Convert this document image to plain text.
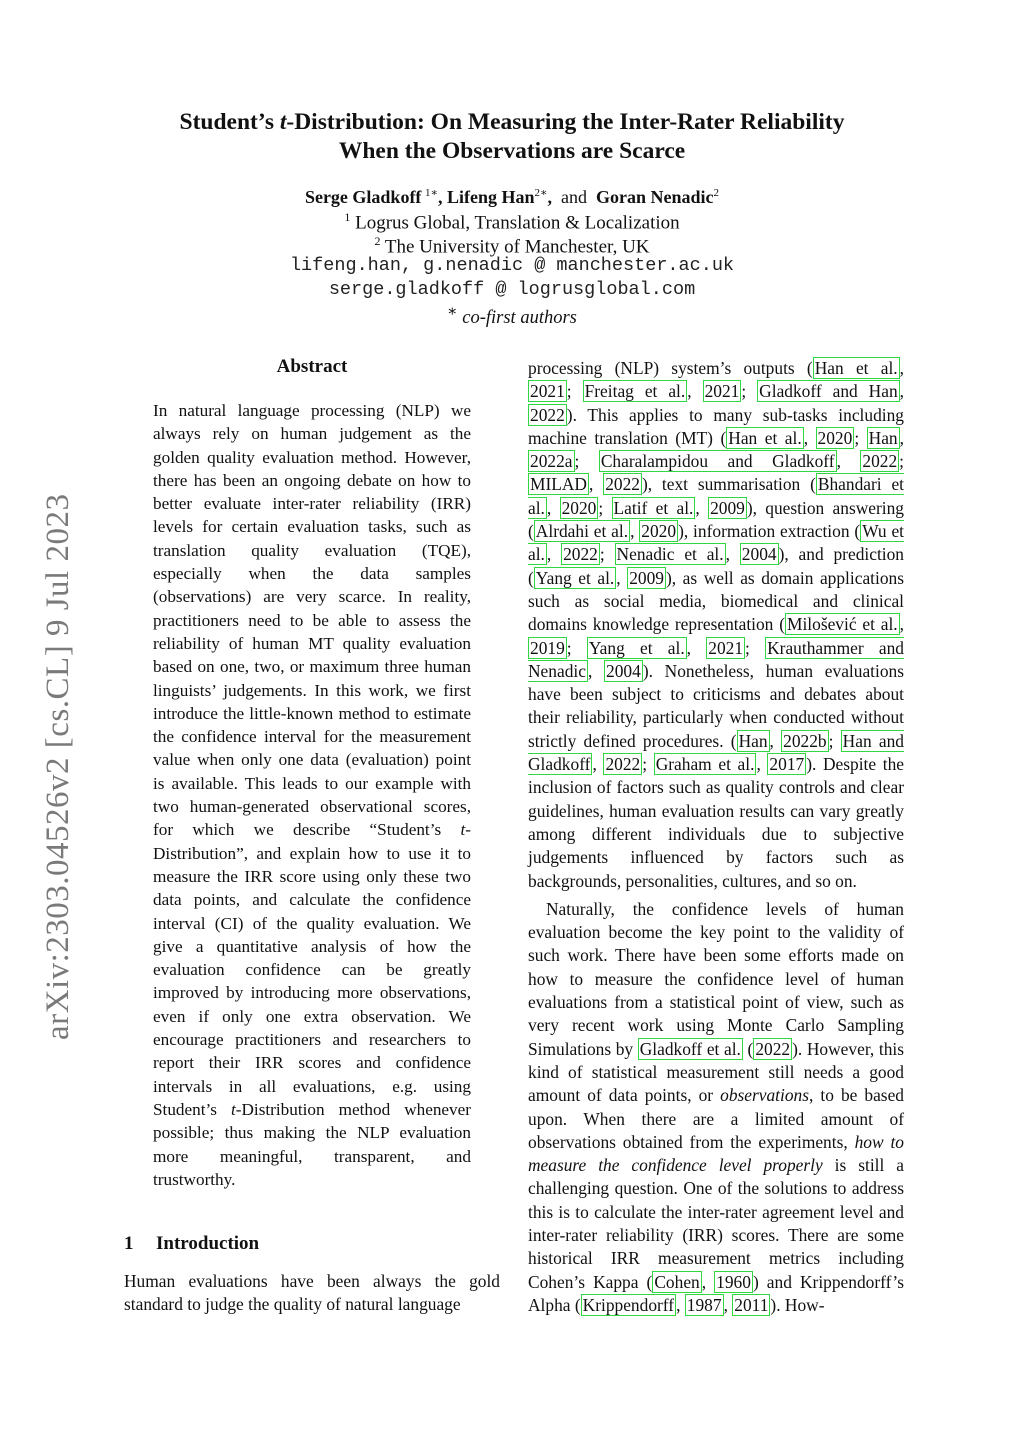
arXiv:2303.04526v2 [cs.CL] 9 Jul 2023
Student’s t-Distribution: On Measuring the Inter-Rater Reliability
When the Observations are Scarce
Serge Gladkoff  $^{1∗}$, Lifeng Han$^{2∗}$, and Goran Nenadic$^2$
$^1$ Logrus Global, Translation & Localization
$^2$ The University of Manchester, UK
lifeng.han, g.nenadic @ manchester.ac.uk
serge.gladkoff @ logrusglobal.com
∗ co-first authors
Abstract
In natural language processing (NLP) we always rely on human judgement as the golden quality evaluation method. However, there has been an ongoing debate on how to better evaluate inter-rater reliability (IRR) levels for certain evaluation tasks, such as translation quality evaluation (TQE), especially when the data samples (observations) are very scarce. In reality, practitioners need to be able to assess the reliability of human MT quality evaluation based on one, two, or maximum three human linguists’ judgements. In this work, we first introduce the little-known method to estimate the confidence interval for the measurement value when only one data (evaluation) point is available. This leads to our example with two human-generated observational scores, for which we describe “Student’s t-Distribution”, and explain how to use it to measure the IRR score using only these two data points, and calculate the confidence interval (CI) of the quality evaluation. We give a quantitative analysis of how the evaluation confidence can be greatly improved by introducing more observations, even if only one extra observation. We encourage practitioners and researchers to report their IRR scores and confidence intervals in all evaluations, e.g. using Student’s t-Distribution method whenever possible; thus making the NLP evaluation more meaningful, transparent, and trustworthy.
1 Introduction
Human evaluations have been always the gold standard to judge the quality of natural language

processing (NLP) system’s outputs ( Han et al. , 2021 ; Freitag et al. , 2021 ; Gladkoff and Han , 2022 ). This applies to many sub-tasks including machine translation (MT) ( Han et al. , 2020 ; Han , 2022a ; Charalampidou and Gladkoff , 2022 ; MILAD , 2022 ), text summarisation ( Bhandari et al. , 2020 ; Latif et al. , 2009 ), question answering ( Alrdahi et al. , 2020 ), information extraction ( Wu et al. , 2022 ; Nenadic et al. , 2004 ), and prediction ( Yang et al. , 2009 ), as well as domain applications such as social media, biomedical and clinical domains knowledge representation ( Milošević et al. , 2019 ; Yang et al. , 2021 ; Krauthammer and Nenadic , 2004 ). Nonetheless, human evaluations have been subject to criticisms and debates about their reliability, particularly when conducted without strictly defined procedures. ( Han , 2022b ; Han and Gladkoff , 2022 ; Graham et al. , 2017 ). Despite the inclusion of factors such as quality controls and clear guidelines, human evaluation results can vary greatly among different individuals due to subjective judgements influenced by factors such as backgrounds, personalities, cultures, and so on.

Naturally, the confidence levels of human evaluation become the key point to the validity of such work. There have been some efforts made on how to measure the confidence level of human evaluations from a statistical point of view, such as very recent work using Monte Carlo Sampling Simulations by Gladkoff et al. ( 2022 ). However, this kind of statistical measurement still needs a good amount of data points, or observations, to be based upon. When there are a limited amount of observations obtained from the experiments, how to measure the confidence level properly is still a challenging question. One of the solutions to address this is to calculate the inter-rater agreement level and inter-rater reliability (IRR) scores. There are some historical IRR measurement metrics including Cohen’s Kappa ( Cohen , 1960 ) and Krippendorff’s Alpha ( Krippendorff , 1987 , 2011 ). How-
